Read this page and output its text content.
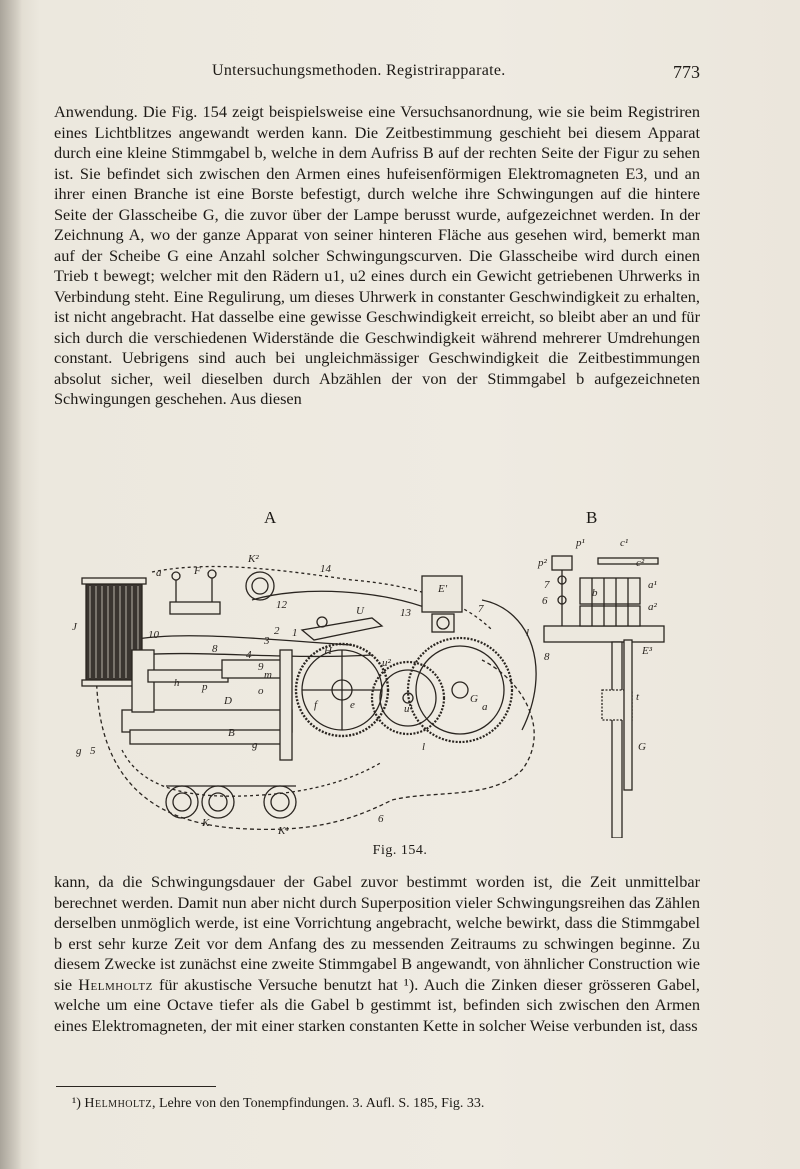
Untersuchungsmethoden. Registrirapparate.	773

Anwendung. Die Fig. 154 zeigt beispielsweise eine Versuchsanordnung, wie sie beim Registriren eines Lichtblitzes angewandt werden kann. Die Zeitbestimmung geschieht bei diesem Apparat durch eine kleine Stimmgabel b, welche in dem Aufriss B auf der rechten Seite der Figur zu sehen ist. Sie befindet sich zwischen den Armen eines hufeisenförmigen Elektromagneten E3, und an ihrer einen Branche ist eine Borste befestigt, durch welche ihre Schwingungen auf die hintere Seite der Glasscheibe G, die zuvor über der Lampe berusst wurde, aufgezeichnet werden. In der Zeichnung A, wo der ganze Apparat von seiner hinteren Fläche aus gesehen wird, bemerkt man auf der Scheibe G eine Anzahl solcher Schwingungscurven. Die Glasscheibe wird durch einen Trieb t bewegt; welcher mit den Rädern u1, u2 eines durch ein Gewicht getriebenen Uhrwerks in Verbindung steht. Eine Regulirung, um dieses Uhrwerk in constanter Geschwindigkeit zu erhalten, ist nicht angebracht. Hat dasselbe eine gewisse Geschwindigkeit erreicht, so bleibt aber an und für sich durch die verschiedenen Widerstände die Geschwindigkeit während mehrerer Umdrehungen constant. Uebrigens sind auch bei ungleichmässiger Geschwindigkeit die Zeitbestimmungen absolut sicher, weil dieselben durch Abzählen der von der Stimmgabel b aufgezeichneten Schwingungen geschehen. Aus diesen

A	B
a	F
K²
14
J
10
12	U
E'
13	7
4
8
3
2 1
H
u²
9
m
o
h p
D	f	e	u¹
G
a
B
l
g
g 5
6
K
K¹
p¹	c¹
p²	c²
7
6
a¹
a²
b
l
8	E³
t
G
Fig. 154.

kann, da die Schwingungsdauer der Gabel zuvor bestimmt worden ist, die Zeit unmittelbar berechnet werden. Damit nun aber nicht durch Superposition vieler Schwingungsreihen das Zählen derselben unmöglich werde, ist eine Vorrichtung angebracht, welche bewirkt, dass die Stimmgabel b erst sehr kurze Zeit vor dem Anfang des zu messenden Zeitraums zu schwingen beginne. Zu diesem Zwecke ist zunächst eine zweite Stimmgabel B angewandt, von ähnlicher Construction wie sie Helmholtz für akustische Versuche benutzt hat ¹). Auch die Zinken dieser grösseren Gabel, welche um eine Octave tiefer als die Gabel b gestimmt ist, befinden sich zwischen den Armen eines Elektromagneten, der mit einer starken constanten Kette in solcher Weise verbunden ist, dass

¹) Helmholtz, Lehre von den Tonempfindungen. 3. Aufl. S. 185, Fig. 33.
